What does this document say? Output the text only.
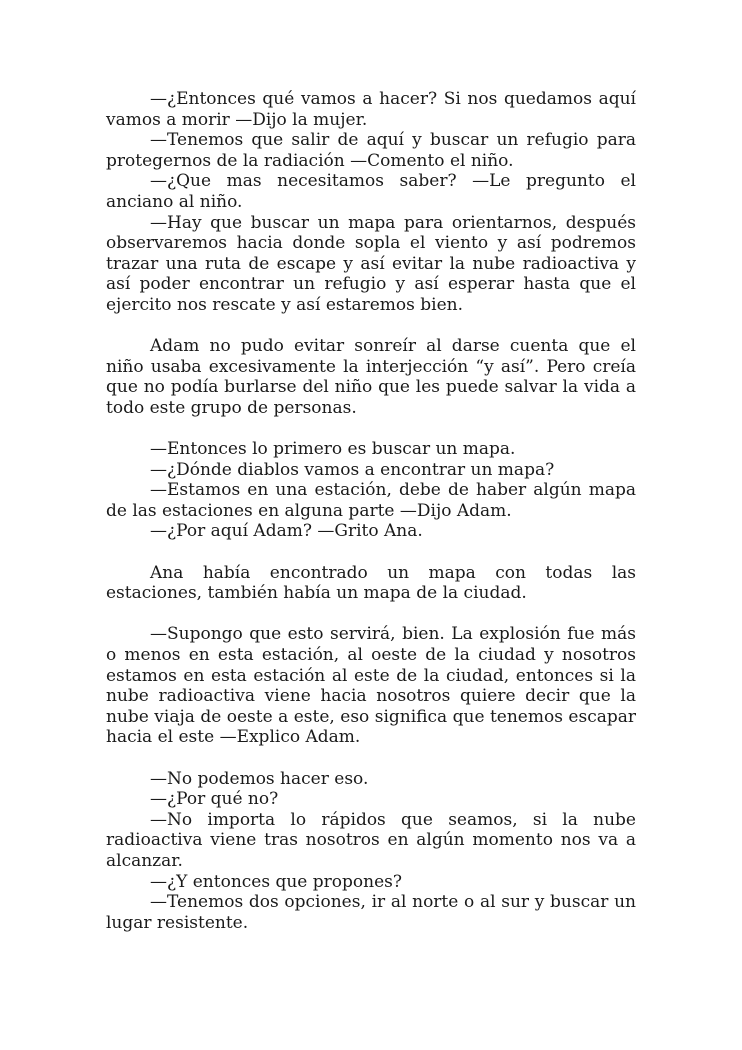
—¿Entonces qué vamos a hacer? Si nos quedamos aquí vamos a morir —Dijo la mujer.

—Tenemos que salir de aquí y buscar un refugio para protegernos de la radiación —Comento el niño.

—¿Que mas necesitamos saber? —Le pregunto el anciano al niño.

—Hay que buscar un mapa para orientarnos, después observaremos hacia donde sopla el viento y así podremos trazar una ruta de escape y así evitar la nube radioactiva y así poder encontrar un refugio y así esperar hasta que el ejercito nos rescate y así estaremos bien.

Adam no pudo evitar sonreír al darse cuenta que el niño usaba excesivamente la interjección “y así”. Pero creía que no podía burlarse del niño que les puede salvar la vida a todo este grupo de personas.

—Entonces lo primero es buscar un mapa.

—¿Dónde diablos vamos a encontrar un mapa?

—Estamos en una estación, debe de haber algún mapa de las estaciones en alguna parte —Dijo Adam.

—¿Por aquí Adam? —Grito Ana.

Ana había encontrado un mapa con todas las estaciones, también había un mapa de la ciudad.

—Supongo que esto servirá, bien. La explosión fue más o menos en esta estación, al oeste de la ciudad y nosotros estamos en esta estación al este de la ciudad, entonces si la nube radioactiva viene hacia nosotros quiere decir que la nube viaja de oeste a este, eso significa que tenemos escapar hacia el este —Explico Adam.

—No podemos hacer eso.

—¿Por qué no?

—No importa lo rápidos que seamos, si la nube radioactiva viene tras nosotros en algún momento nos va a alcanzar.

—¿Y entonces que propones?

—Tenemos dos opciones, ir al norte o al sur y buscar un lugar resistente.
